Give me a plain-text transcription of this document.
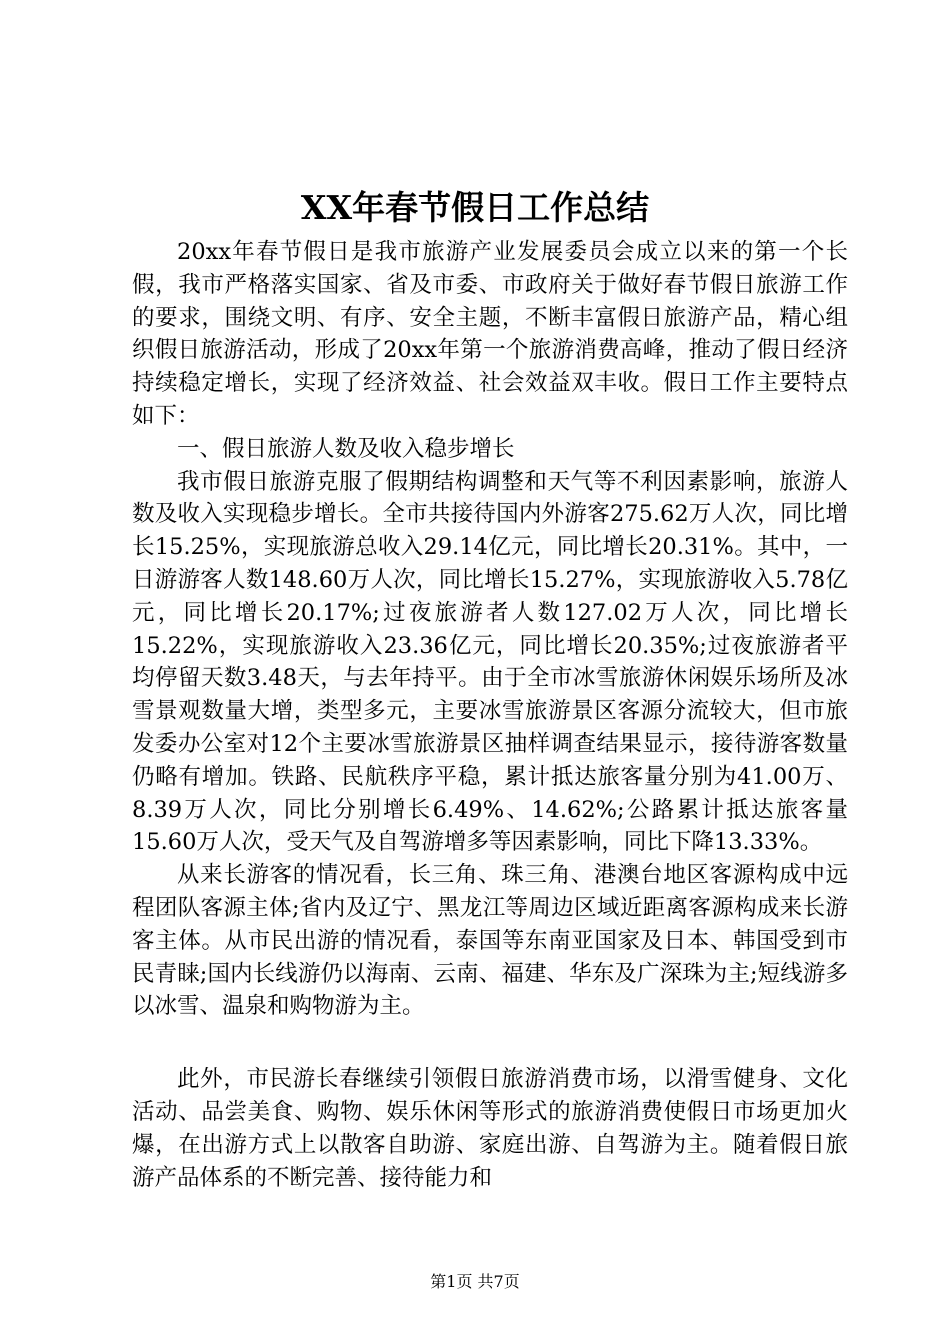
XX年春节假日工作总结

20xx年春节假日是我市旅游产业发展委员会成立以来的第一个长假，我市严格落实国家、省及市委、市政府关于做好春节假日旅游工作的要求，围绕文明、有序、安全主题，不断丰富假日旅游产品，精心组织假日旅游活动，形成了20xx年第一个旅游消费高峰，推动了假日经济持续稳定增长，实现了经济效益、社会效益双丰收。假日工作主要特点如下：

一、假日旅游人数及收入稳步增长

我市假日旅游克服了假期结构调整和天气等不利因素影响，旅游人数及收入实现稳步增长。全市共接待国内外游客275.62万人次，同比增长15.25%，实现旅游总收入29.14亿元，同比增长20.31%。其中，一日游游客人数148.60万人次，同比增长15.27%，实现旅游收入5.78亿元，同比增长20.17%;过夜旅游者人数127.02万人次，同比增长15.22%，实现旅游收入23.36亿元，同比增长20.35%;过夜旅游者平均停留天数3.48天，与去年持平。由于全市冰雪旅游休闲娱乐场所及冰雪景观数量大增，类型多元，主要冰雪旅游景区客源分流较大，但市旅发委办公室对12个主要冰雪旅游景区抽样调查结果显示，接待游客数量仍略有增加。铁路、民航秩序平稳，累计抵达旅客量分别为41.00万、8.39万人次，同比分别增长6.49%、14.62%;公路累计抵达旅客量15.60万人次，受天气及自驾游增多等因素影响，同比下降13.33%。

从来长游客的情况看，长三角、珠三角、港澳台地区客源构成中远程团队客源主体;省内及辽宁、黑龙江等周边区域近距离客源构成来长游客主体。从市民出游的情况看，泰国等东南亚国家及日本、韩国受到市民青睐;国内长线游仍以海南、云南、福建、华东及广深珠为主;短线游多以冰雪、温泉和购物游为主。

此外，市民游长春继续引领假日旅游消费市场，以滑雪健身、文化活动、品尝美食、购物、娱乐休闲等形式的旅游消费使假日市场更加火爆，在出游方式上以散客自助游、家庭出游、自驾游为主。随着假日旅游产品体系的不断完善、接待能力和

第1页 共7页
